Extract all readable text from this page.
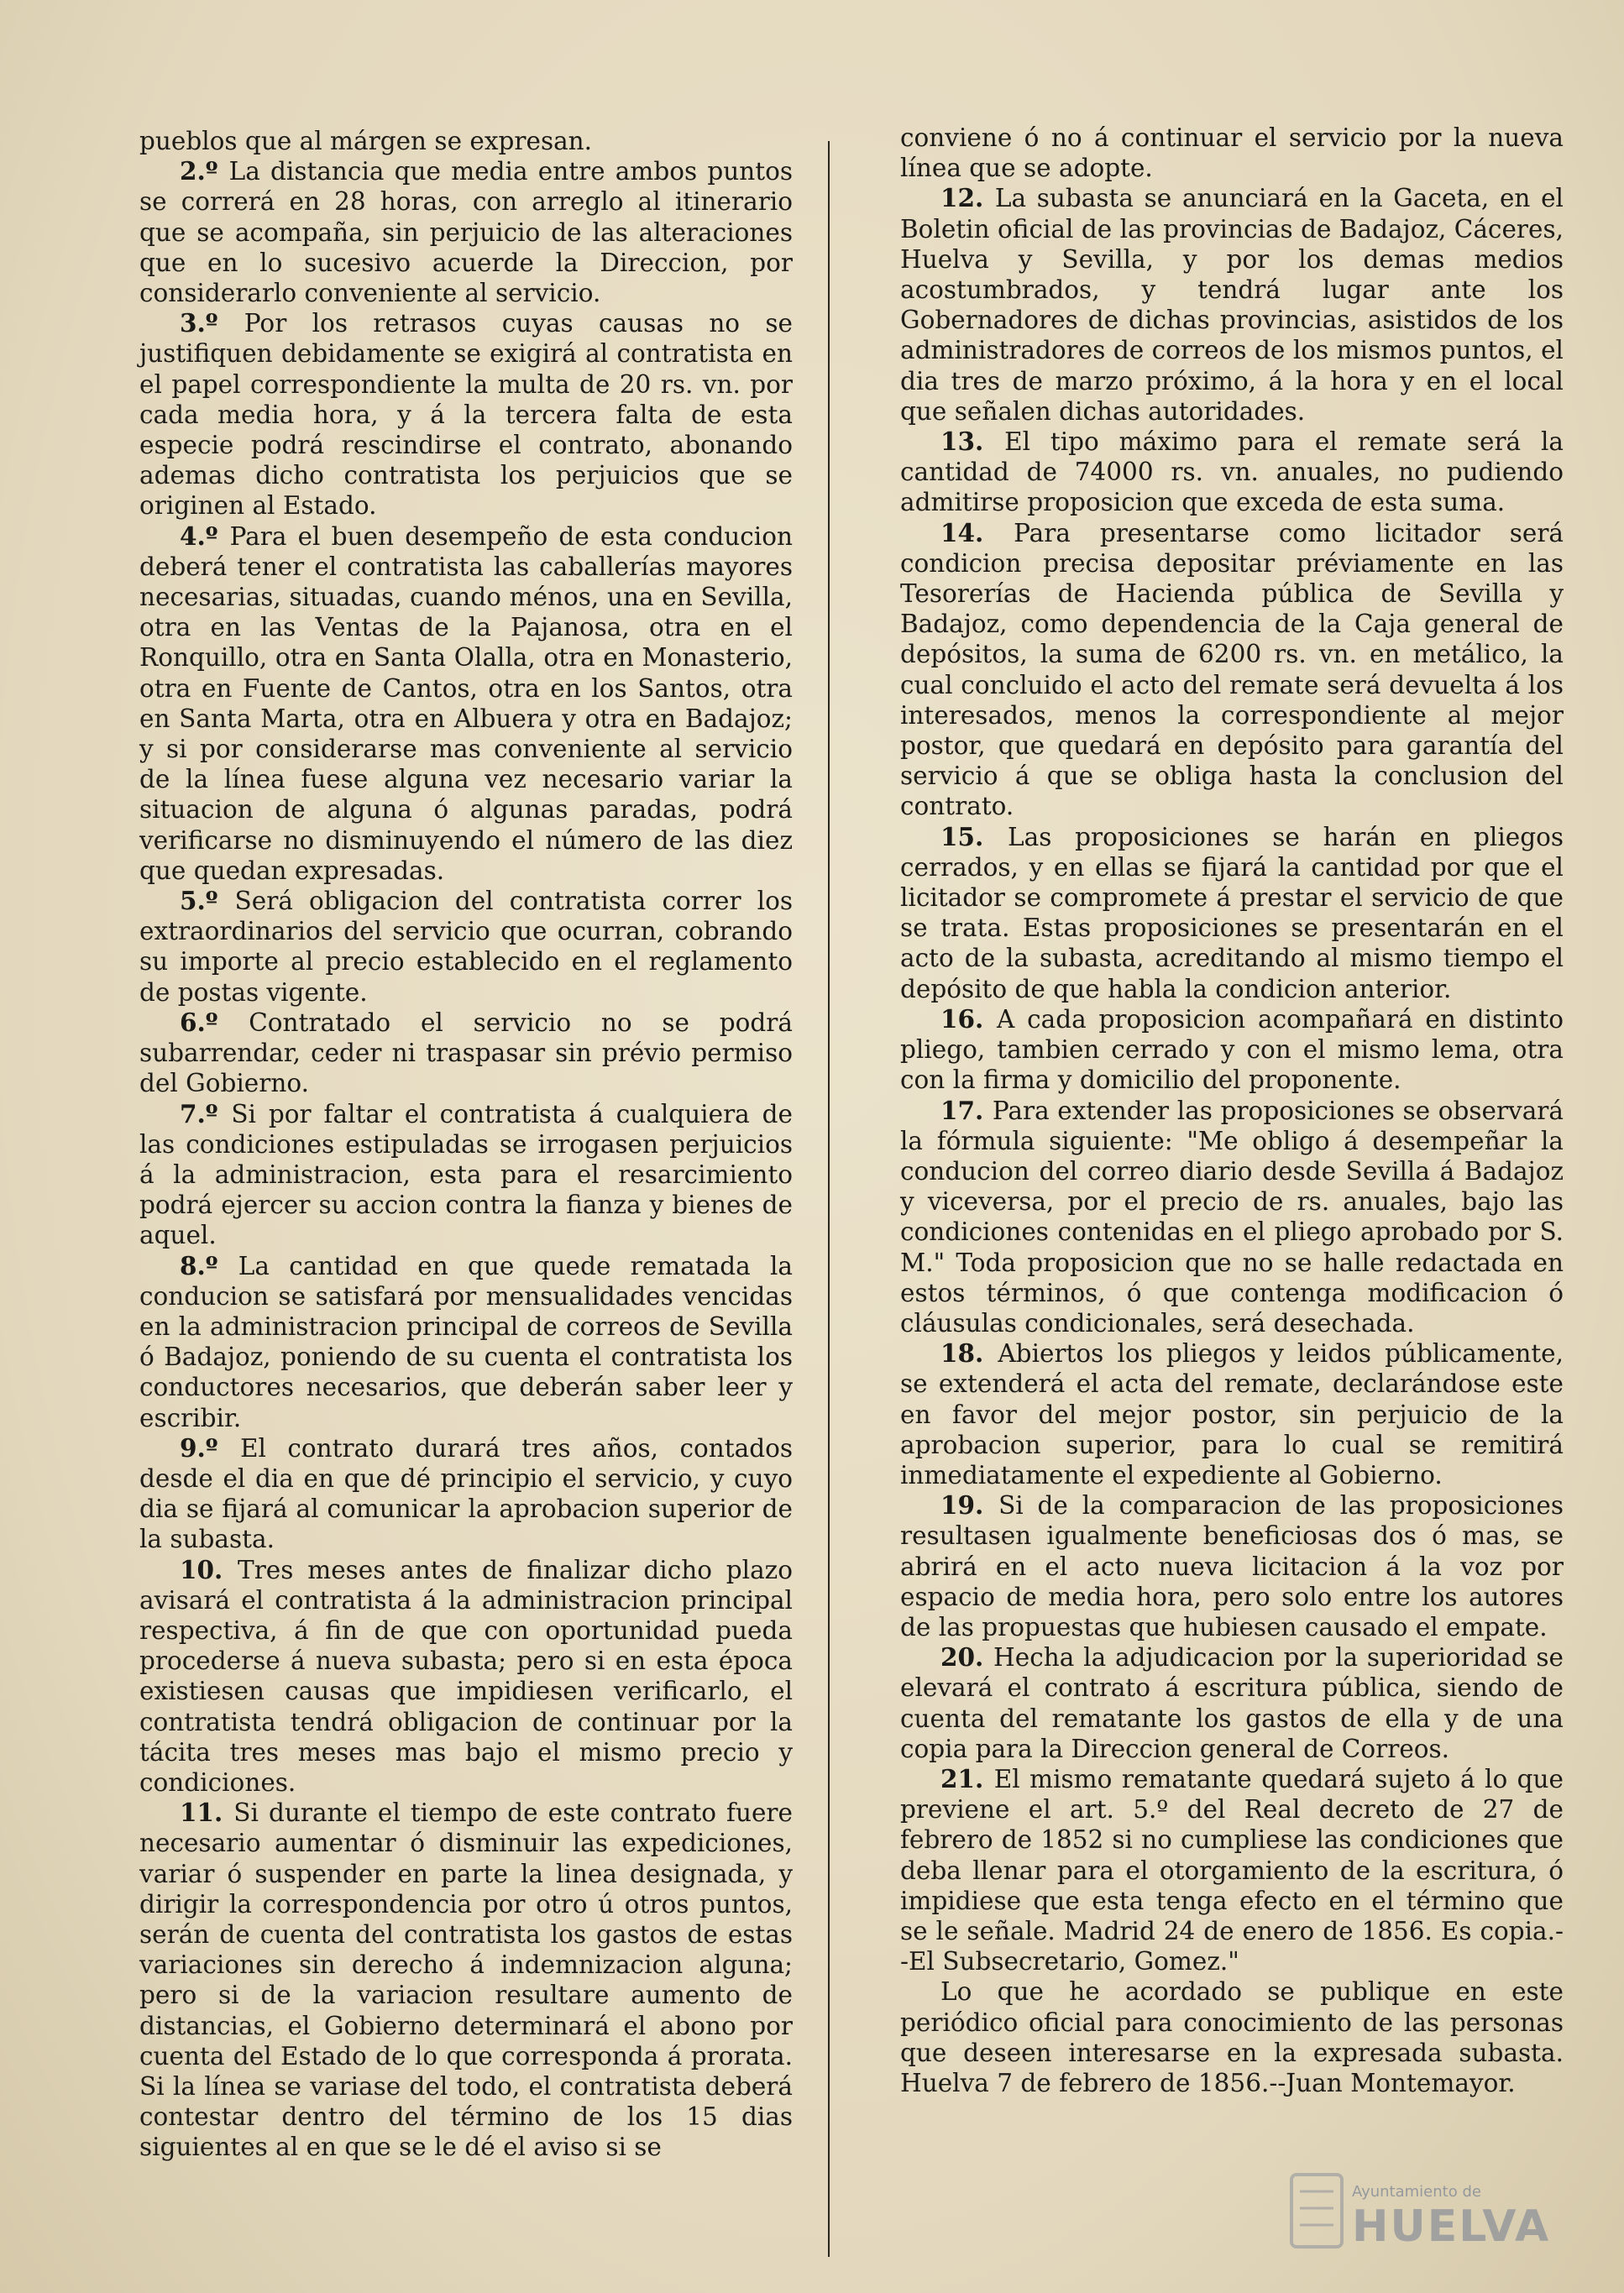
pueblos que al márgen se expresan.

2.º La distancia que media entre ambos puntos se correrá en 28 horas, con arreglo al itinerario que se acompaña, sin perjuicio de las alteraciones que en lo sucesivo acuerde la Direccion, por considerarlo conveniente al servicio.

3.º Por los retrasos cuyas causas no se justifiquen debidamente se exigirá al contratista en el papel correspondiente la multa de 20 rs. vn. por cada media hora, y á la tercera falta de esta especie podrá rescindirse el contrato, abonando ademas dicho contratista los perjuicios que se originen al Estado.

4.º Para el buen desempeño de esta conducion deberá tener el contratista las caballerías mayores necesarias, situadas, cuando ménos, una en Sevilla, otra en las Ventas de la Pajanosa, otra en el Ronquillo, otra en Santa Olalla, otra en Monasterio, otra en Fuente de Cantos, otra en los Santos, otra en Santa Marta, otra en Albuera y otra en Badajoz; y si por considerarse mas conveniente al servicio de la línea fuese alguna vez necesario variar la situacion de alguna ó algunas paradas, podrá verificarse no disminuyendo el número de las diez que quedan expresadas.

5.º Será obligacion del contratista correr los extraordinarios del servicio que ocurran, cobrando su importe al precio establecido en el reglamento de postas vigente.

6.º Contratado el servicio no se podrá subarrendar, ceder ni traspasar sin prévio permiso del Gobierno.

7.º Si por faltar el contratista á cualquiera de las condiciones estipuladas se irrogasen perjuicios á la administracion, esta para el resarcimiento podrá ejercer su accion contra la fianza y bienes de aquel.

8.º La cantidad en que quede rematada la conducion se satisfará por mensualidades vencidas en la administracion principal de correos de Sevilla ó Badajoz, poniendo de su cuenta el contratista los conductores necesarios, que deberán saber leer y escribir.

9.º El contrato durará tres años, contados desde el dia en que dé principio el servicio, y cuyo dia se fijará al comunicar la aprobacion superior de la subasta.

10. Tres meses antes de finalizar dicho plazo avisará el contratista á la administracion principal respectiva, á fin de que con oportunidad pueda procederse á nueva subasta; pero si en esta época existiesen causas que impidiesen verificarlo, el contratista tendrá obligacion de continuar por la tácita tres meses mas bajo el mismo precio y condiciones.

11. Si durante el tiempo de este contrato fuere necesario aumentar ó disminuir las expediciones, variar ó suspender en parte la linea designada, y dirigir la correspondencia por otro ú otros puntos, serán de cuenta del contratista los gastos de estas variaciones sin derecho á indemnizacion alguna; pero si de la variacion resultare aumento de distancias, el Gobierno determinará el abono por cuenta del Estado de lo que corresponda á prorata. Si la línea se variase del todo, el contratista deberá contestar dentro del término de los 15 dias siguientes al en que se le dé el aviso si se

conviene ó no á continuar el servicio por la nueva línea que se adopte.

12. La subasta se anunciará en la Gaceta, en el Boletin oficial de las provincias de Badajoz, Cáceres, Huelva y Sevilla, y por los demas medios acostumbrados, y tendrá lugar ante los Gobernadores de dichas provincias, asistidos de los administradores de correos de los mismos puntos, el dia tres de marzo próximo, á la hora y en el local que señalen dichas autoridades.

13. El tipo máximo para el remate será la cantidad de 74000 rs. vn. anuales, no pudiendo admitirse proposicion que exceda de esta suma.

14. Para presentarse como licitador será condicion precisa depositar préviamente en las Tesorerías de Hacienda pública de Sevilla y Badajoz, como dependencia de la Caja general de depósitos, la suma de 6200 rs. vn. en metálico, la cual concluido el acto del remate será devuelta á los interesados, menos la correspondiente al mejor postor, que quedará en depósito para garantía del servicio á que se obliga hasta la conclusion del contrato.

15. Las proposiciones se harán en pliegos cerrados, y en ellas se fijará la cantidad por que el licitador se compromete á prestar el servicio de que se trata. Estas proposiciones se presentarán en el acto de la subasta, acreditando al mismo tiempo el depósito de que habla la condicion anterior.

16. A cada proposicion acompañará en distinto pliego, tambien cerrado y con el mismo lema, otra con la firma y domicilio del proponente.

17. Para extender las proposiciones se observará la fórmula siguiente: "Me obligo á desempeñar la conducion del correo diario desde Sevilla á Badajoz y viceversa, por el precio de rs. anuales, bajo las condiciones contenidas en el pliego aprobado por S. M." Toda proposicion que no se halle redactada en estos términos, ó que contenga modificacion ó cláusulas condicionales, será desechada.

18. Abiertos los pliegos y leidos públicamente, se extenderá el acta del remate, declarándose este en favor del mejor postor, sin perjuicio de la aprobacion superior, para lo cual se remitirá inmediatamente el expediente al Gobierno.

19. Si de la comparacion de las proposiciones resultasen igualmente beneficiosas dos ó mas, se abrirá en el acto nueva licitacion á la voz por espacio de media hora, pero solo entre los autores de las propuestas que hubiesen causado el empate.

20. Hecha la adjudicacion por la superioridad se elevará el contrato á escritura pública, siendo de cuenta del rematante los gastos de ella y de una copia para la Direccion general de Correos.

21. El mismo rematante quedará sujeto á lo que previene el art. 5.º del Real decreto de 27 de febrero de 1852 si no cumpliese las condiciones que deba llenar para el otorgamiento de la escritura, ó impidiese que esta tenga efecto en el término que se le señale. Madrid 24 de enero de 1856. Es copia.--El Subsecretario, Gomez."

Lo que he acordado se publique en este periódico oficial para conocimiento de las personas que deseen interesarse en la expresada subasta. Huelva 7 de febrero de 1856.--Juan Montemayor.

Ayuntamiento de
HUELVA
